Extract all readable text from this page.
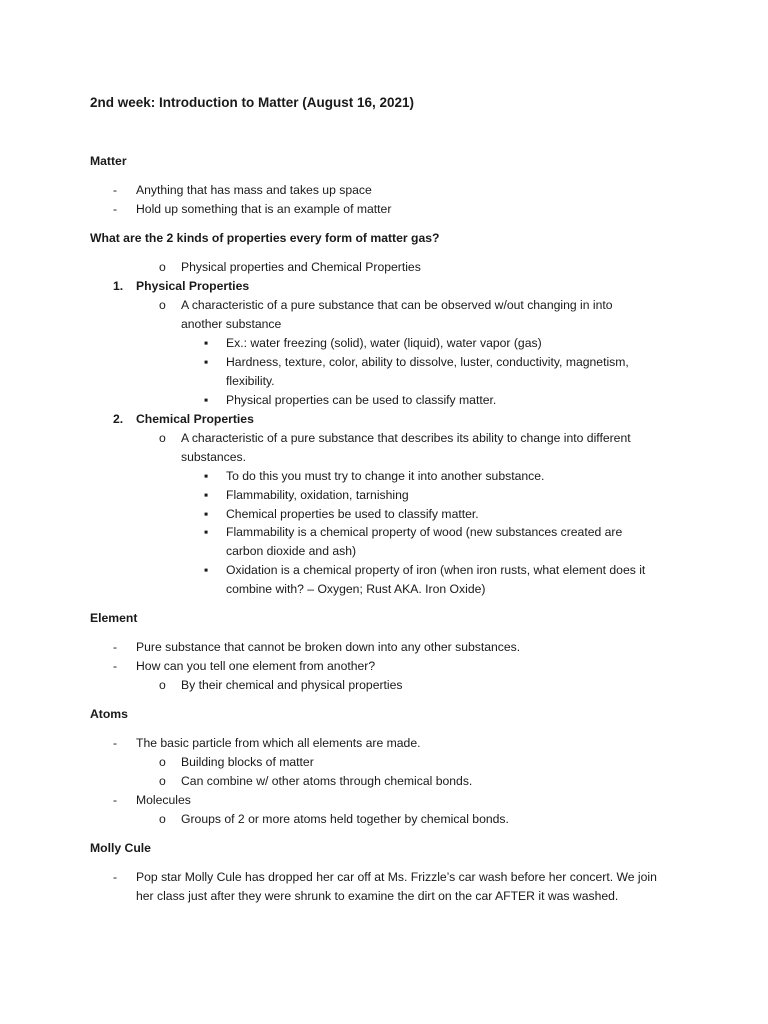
2nd week: Introduction to Matter (August 16, 2021)
Matter
- Anything that has mass and takes up space
- Hold up something that is an example of matter
What are the 2 kinds of properties every form of matter gas?
o Physical properties and Chemical Properties
1. Physical Properties
o A characteristic of a pure substance that can be observed w/out changing in into
another substance
▪ Ex.: water freezing (solid), water (liquid), water vapor (gas)
▪ Hardness, texture, color, ability to dissolve, luster, conductivity, magnetism,
flexibility.
▪ Physical properties can be used to classify matter.
2. Chemical Properties
o A characteristic of a pure substance that describes its ability to change into different
substances.
▪ To do this you must try to change it into another substance.
▪ Flammability, oxidation, tarnishing
▪ Chemical properties be used to classify matter.
▪ Flammability is a chemical property of wood (new substances created are
carbon dioxide and ash)
▪ Oxidation is a chemical property of iron (when iron rusts, what element does it
combine with? – Oxygen; Rust AKA. Iron Oxide)
Element
- Pure substance that cannot be broken down into any other substances.
- How can you tell one element from another?
o By their chemical and physical properties
Atoms
- The basic particle from which all elements are made.
o Building blocks of matter
o Can combine w/ other atoms through chemical bonds.
- Molecules
o Groups of 2 or more atoms held together by chemical bonds.
Molly Cule
- Pop star Molly Cule has dropped her car off at Ms. Frizzle’s car wash before her concert. We join
her class just after they were shrunk to examine the dirt on the car AFTER it was washed.
